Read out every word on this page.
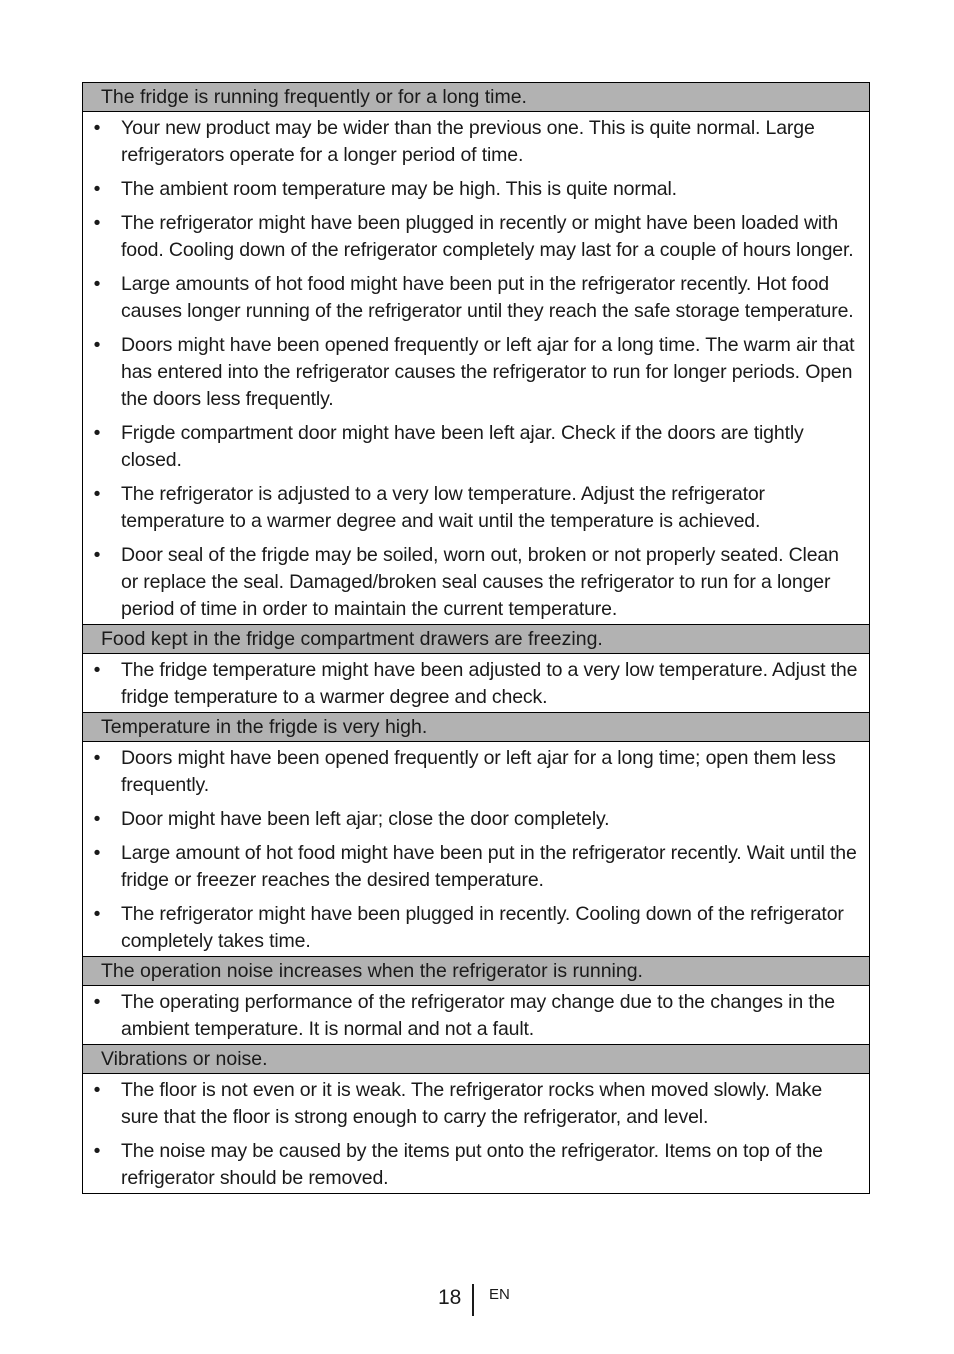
The fridge is running frequently or for a long time.
• Your new product may be wider than the previous one. This is quite normal. Large refrigerators operate for a longer period of time.
• The ambient room temperature may be high. This is quite normal.
• The refrigerator might have been plugged in recently or might have been loaded with food. Cooling down of the refrigerator completely may last for a couple of hours longer.
• Large amounts of hot food might have been put in the refrigerator recently. Hot food causes longer running of the refrigerator until they reach the safe storage temperature.
• Doors might have been opened frequently or left ajar for a long time. The warm air that has entered into the refrigerator causes the refrigerator to run for longer periods. Open the doors less frequently.
• Frigde compartment door might have been left ajar. Check if the doors are tightly closed.
• The refrigerator is adjusted to a very low temperature. Adjust the refrigerator temperature to a warmer degree and wait until the temperature is achieved.
• Door seal of the frigde may be soiled, worn out, broken or not properly seated. Clean or replace the seal. Damaged/broken seal causes the refrigerator to run for a longer period of time in order to maintain the current temperature.
Food kept in the fridge compartment drawers are freezing.
• The fridge temperature might have been adjusted to a very low temperature. Adjust the fridge temperature to a warmer degree and check.
Temperature in the frigde is very high.
• Doors might have been opened frequently or left ajar for a long time; open them less frequently.
• Door might have been left ajar; close the door completely.
• Large amount of hot food might have been put in the refrigerator recently. Wait until the fridge or freezer reaches the desired temperature.
• The refrigerator might have been plugged in recently. Cooling down of the refrigerator completely takes time.
The operation noise increases when the refrigerator is running.
• The operating performance of the refrigerator may change due to the changes in the ambient temperature. It is normal and not a fault.
Vibrations or noise.
• The floor is not even or it is weak. The refrigerator rocks when moved slowly. Make sure that the floor is strong enough to carry the refrigerator, and level.
• The noise may be caused by the items put onto the refrigerator. Items on top of the refrigerator should be removed.
18 EN
